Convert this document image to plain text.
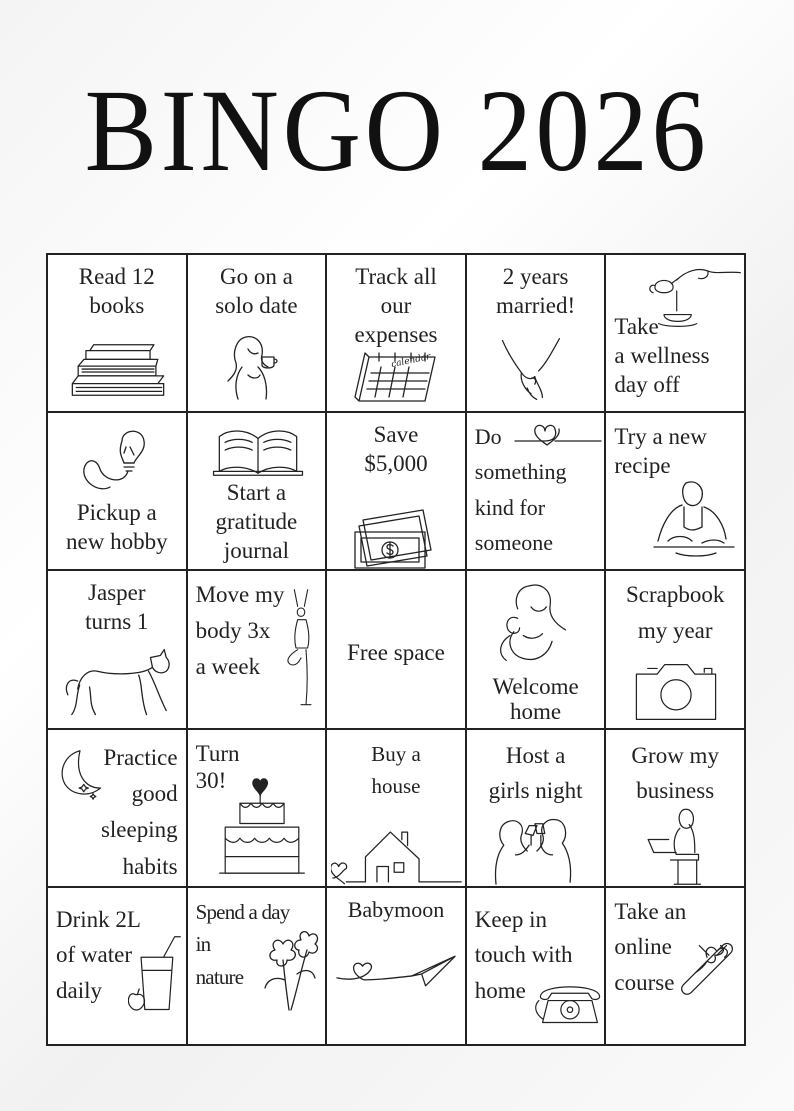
BINGO 2026
Read 12
books
Go on a
solo date
Track all
our
expenses
calendar
2 years
married!
Take
a wellness
day off
Pickup a
new hobby
Start a
gratitude
journal
Save
$5,000
Do
something
kind for
someone
Try a new
recipe
Jasper
turns 1
Move my
body 3x
a week
Free space
Welcome
home
Scrapbook
my year
Practice
good
sleeping
habits
Turn
30!
Buy a
house
Host a
girls night
Grow my
business
Drink 2L
of water
daily
Spend a day
in
nature
Babymoon	Keep in
touch with
home
Take an
online
course
